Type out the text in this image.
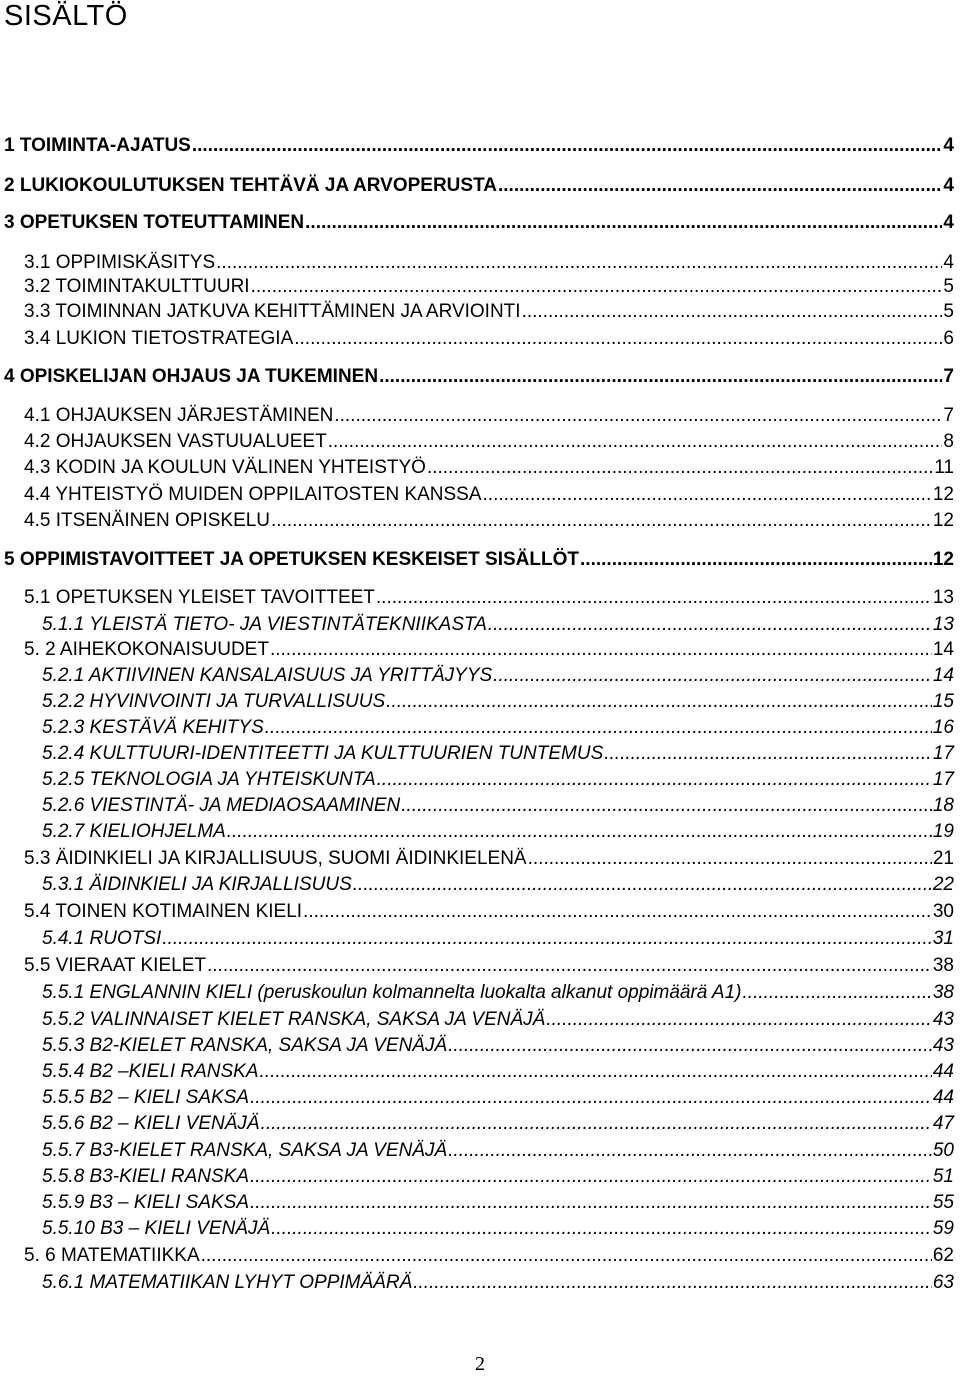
SISÄLTÖ
1 TOIMINTA-AJATUS .....	4
2 LUKIOKOULUTUKSEN TEHTÄVÄ JA ARVOPERUSTA .....	4
3 OPETUKSEN TOTEUTTAMINEN .....	4
3.1 OPPIMISKÄSITYS .....	4
3.2 TOIMINTAKULTTUURI .....	5
3.3 TOIMINNAN JATKUVA KEHITTÄMINEN JA ARVIOINTI .....	5
3.4 LUKION TIETOSTRATEGIA .....	6
4 OPISKELIJAN OHJAUS JA TUKEMINEN .....	7
4.1 OHJAUKSEN JÄRJESTÄMINEN .....	7
4.2 OHJAUKSEN VASTUUALUEET .....	8
4.3 KODIN JA KOULUN VÄLINEN YHTEISTYÖ .....	11
4.4 YHTEISTYÖ MUIDEN OPPILAITOSTEN KANSSA .....	12
4.5 ITSENÄINEN OPISKELU .....	12
5 OPPIMISTAVOITTEET JA OPETUKSEN KESKEISET SISÄLLÖT .....	12
5.1 OPETUKSEN YLEISET TAVOITTEET .....	13
5.1.1 YLEISTÄ TIETO- JA VIESTINTÄTEKNIIKASTA .....	13
5. 2 AIHEKOKONAISUUDET .....	14
5.2.1 AKTIIVINEN KANSALAISUUS JA YRITTÄJYYS .....	14
5.2.2 HYVINVOINTI JA TURVALLISUUS .....	15
5.2.3 KESTÄVÄ KEHITYS .....	16
5.2.4 KULTTUURI-IDENTITEETTI JA KULTTUURIEN TUNTEMUS .....	17
5.2.5 TEKNOLOGIA JA YHTEISKUNTA .....	17
5.2.6 VIESTINTÄ- JA MEDIAOSAAMINEN .....	18
5.2.7 KIELIOHJELMA .....	19
5.3 ÄIDINKIELI JA KIRJALLISUUS, SUOMI ÄIDINKIELENÄ .....	21
5.3.1 ÄIDINKIELI JA KIRJALLISUUS .....	22
5.4 TOINEN KOTIMAINEN KIELI .....	30
5.4.1 RUOTSI .....	31
5.5 VIERAAT KIELET .....	38
5.5.1 ENGLANNIN KIELI (peruskoulun kolmannelta luokalta alkanut oppimäärä A1) .....	38
5.5.2 VALINNAISET KIELET RANSKA, SAKSA JA VENÄJÄ .....	43
5.5.3 B2-KIELET RANSKA, SAKSA JA VENÄJÄ .....	43
5.5.4 B2 –KIELI RANSKA .....	44
5.5.5 B2 – KIELI SAKSA .....	44
5.5.6 B2 – KIELI VENÄJÄ .....	47
5.5.7 B3-KIELET RANSKA, SAKSA JA VENÄJÄ .....	50
5.5.8 B3-KIELI RANSKA .....	51
5.5.9 B3 – KIELI SAKSA .....	55
5.5.10 B3 – KIELI VENÄJÄ .....	59
5. 6 MATEMATIIKKA .....	62
5.6.1 MATEMATIIKAN LYHYT OPPIMÄÄRÄ .....	63
2
